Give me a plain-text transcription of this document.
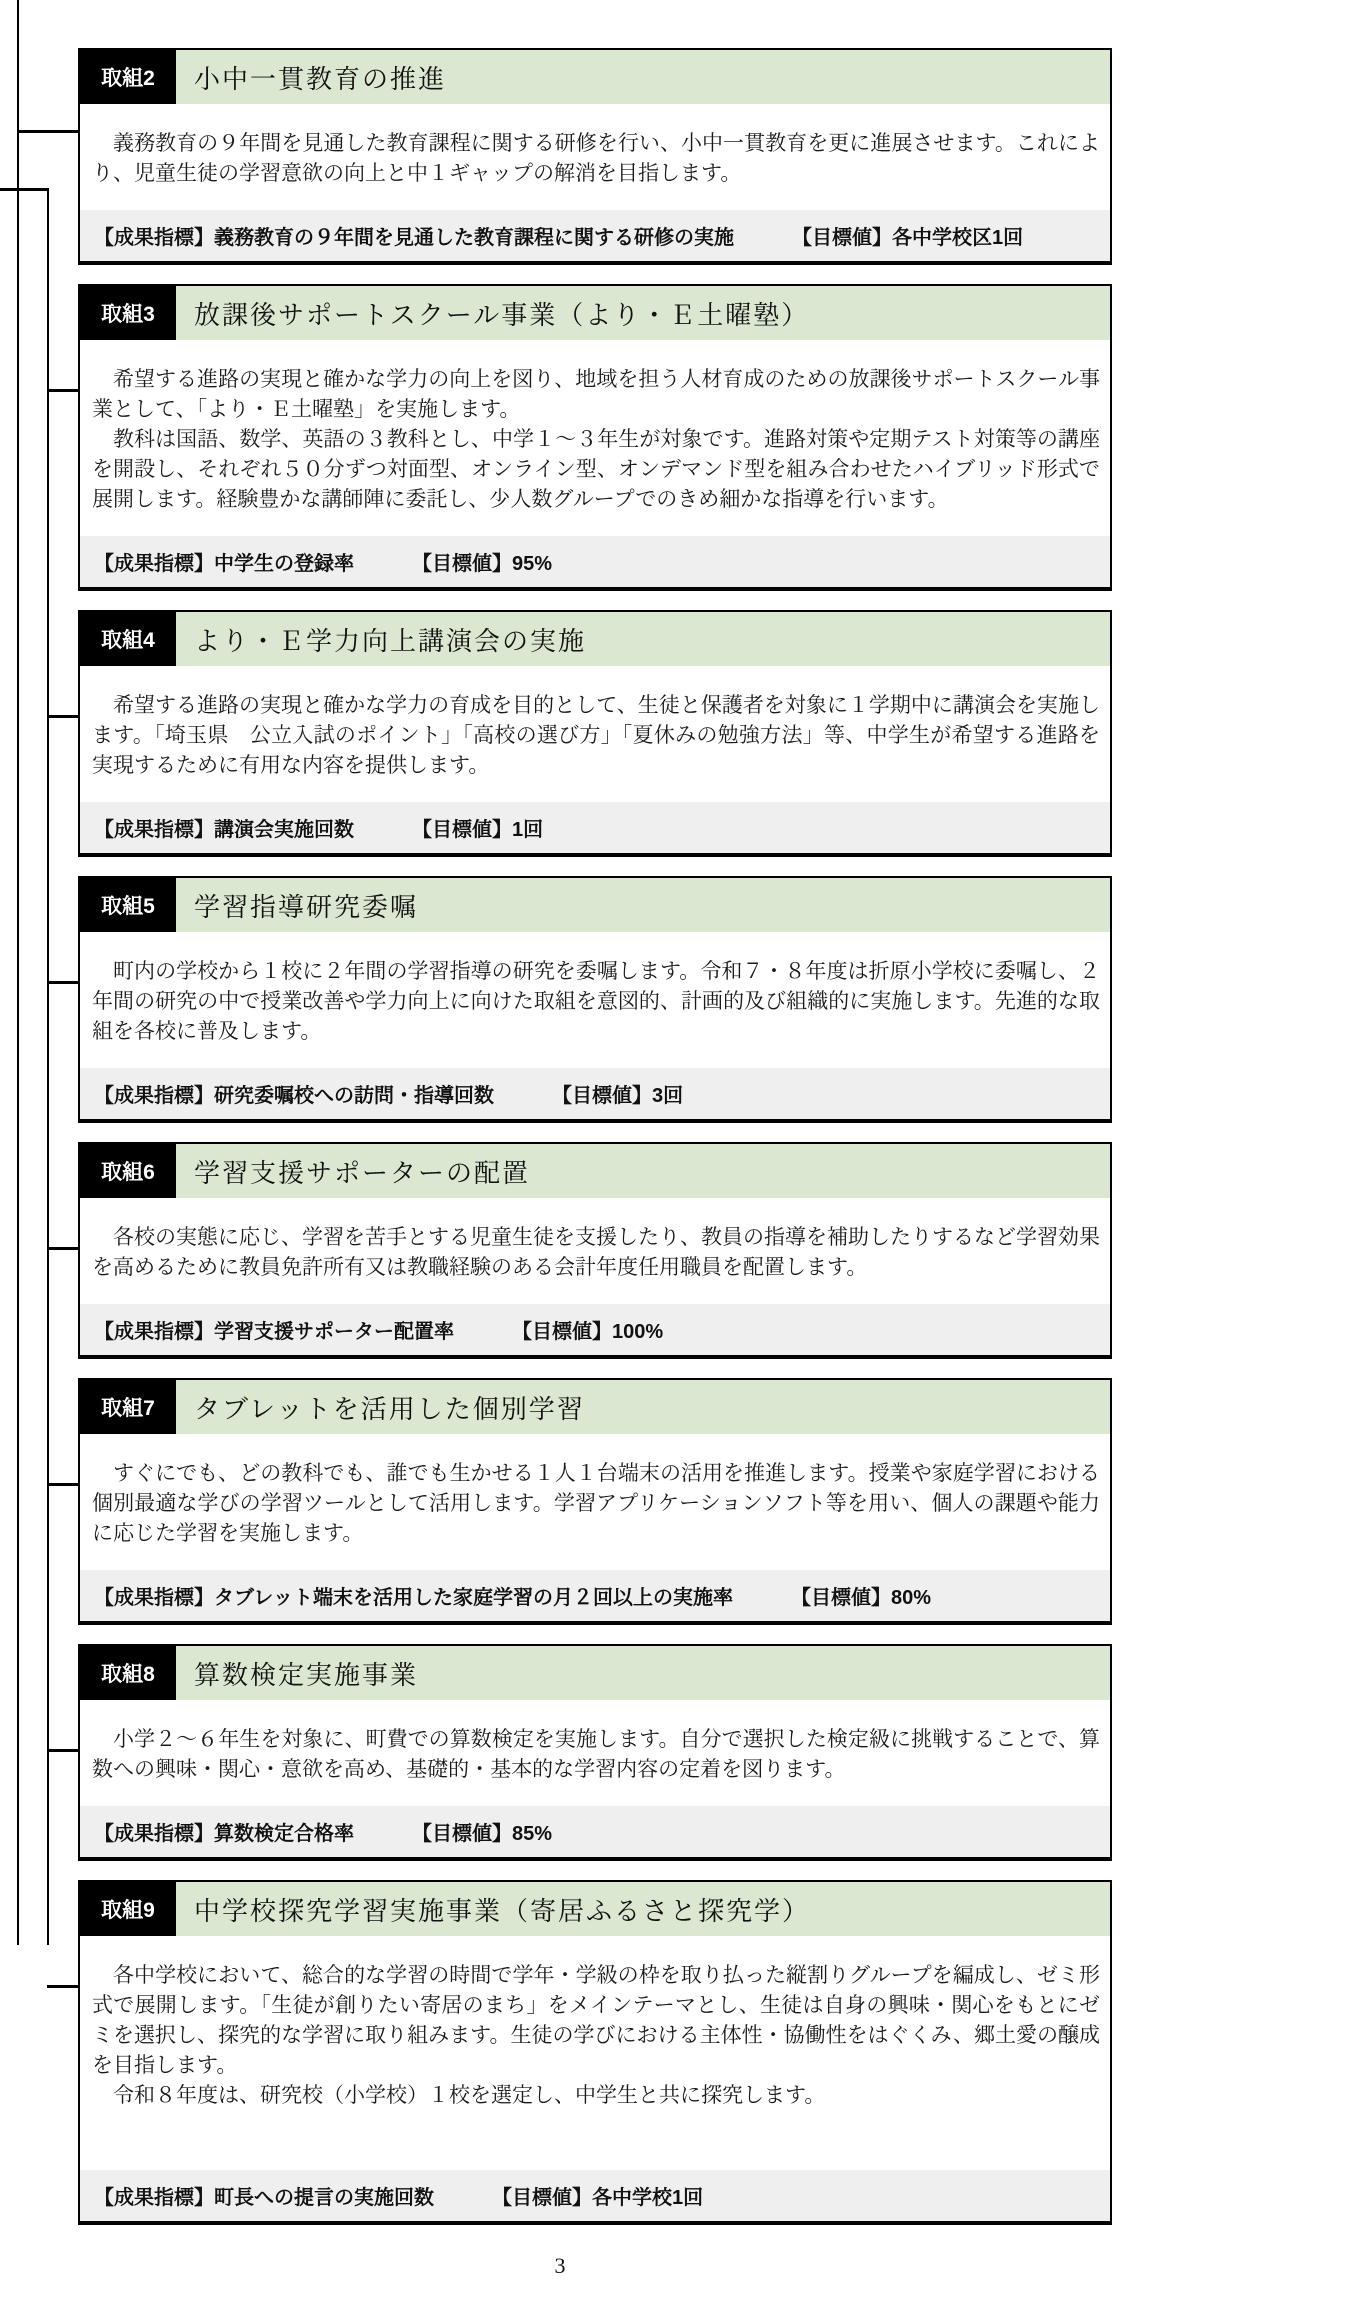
取組2	小中一貫教育の推進

義務教育の９年間を見通した教育課程に関する研修を行い、小中一貫教育を更に進展させます。これにより、児童生徒の学習意欲の向上と中１ギャップの解消を目指します。

【成果指標】義務教育の９年間を見通した教育課程に関する研修の実施	【目標値】各中学校区1回
取組3	放課後サポートスクール事業（より・Ｅ土曜塾）

希望する進路の実現と確かな学力の向上を図り、地域を担う人材育成のための放課後サポートスクール事業として、「より・Ｅ土曜塾」を実施します。

教科は国語、数学、英語の３教科とし、中学１～３年生が対象です。進路対策や定期テスト対策等の講座を開設し、それぞれ５０分ずつ対面型、オンライン型、オンデマンド型を組み合わせたハイブリッド形式で展開します。経験豊かな講師陣に委託し、少人数グループでのきめ細かな指導を行います。

【成果指標】中学生の登録率	【目標値】95%
取組4	より・Ｅ学力向上講演会の実施

希望する進路の実現と確かな学力の育成を目的として、生徒と保護者を対象に１学期中に講演会を実施します。「埼玉県　公立入試のポイント」「高校の選び方」「夏休みの勉強方法」等、中学生が希望する進路を実現するために有用な内容を提供します。

【成果指標】講演会実施回数	【目標値】1回
取組5	学習指導研究委嘱

町内の学校から１校に２年間の学習指導の研究を委嘱します。令和７・８年度は折原小学校に委嘱し、２年間の研究の中で授業改善や学力向上に向けた取組を意図的、計画的及び組織的に実施します。先進的な取組を各校に普及します。

【成果指標】研究委嘱校への訪問・指導回数	【目標値】3回
取組6	学習支援サポーターの配置

各校の実態に応じ、学習を苦手とする児童生徒を支援したり、教員の指導を補助したりするなど学習効果を高めるために教員免許所有又は教職経験のある会計年度任用職員を配置します。

【成果指標】学習支援サポーター配置率	【目標値】100%
取組7	タブレットを活用した個別学習

すぐにでも、どの教科でも、誰でも生かせる１人１台端末の活用を推進します。授業や家庭学習における個別最適な学びの学習ツールとして活用します。学習アプリケーションソフト等を用い、個人の課題や能力に応じた学習を実施します。

【成果指標】タブレット端末を活用した家庭学習の月２回以上の実施率	【目標値】80%
取組8	算数検定実施事業

小学２～６年生を対象に、町費での算数検定を実施します。自分で選択した検定級に挑戦することで、算数への興味・関心・意欲を高め、基礎的・基本的な学習内容の定着を図ります。

【成果指標】算数検定合格率	【目標値】85%
取組9	中学校探究学習実施事業（寄居ふるさと探究学）

各中学校において、総合的な学習の時間で学年・学級の枠を取り払った縦割りグループを編成し、ゼミ形式で展開します。「生徒が創りたい寄居のまち」をメインテーマとし、生徒は自身の興味・関心をもとにゼミを選択し、探究的な学習に取り組みます。生徒の学びにおける主体性・協働性をはぐくみ、郷土愛の醸成を目指します。

令和８年度は、研究校（小学校）１校を選定し、中学生と共に探究します。

【成果指標】町長への提言の実施回数	【目標値】各中学校1回
3
